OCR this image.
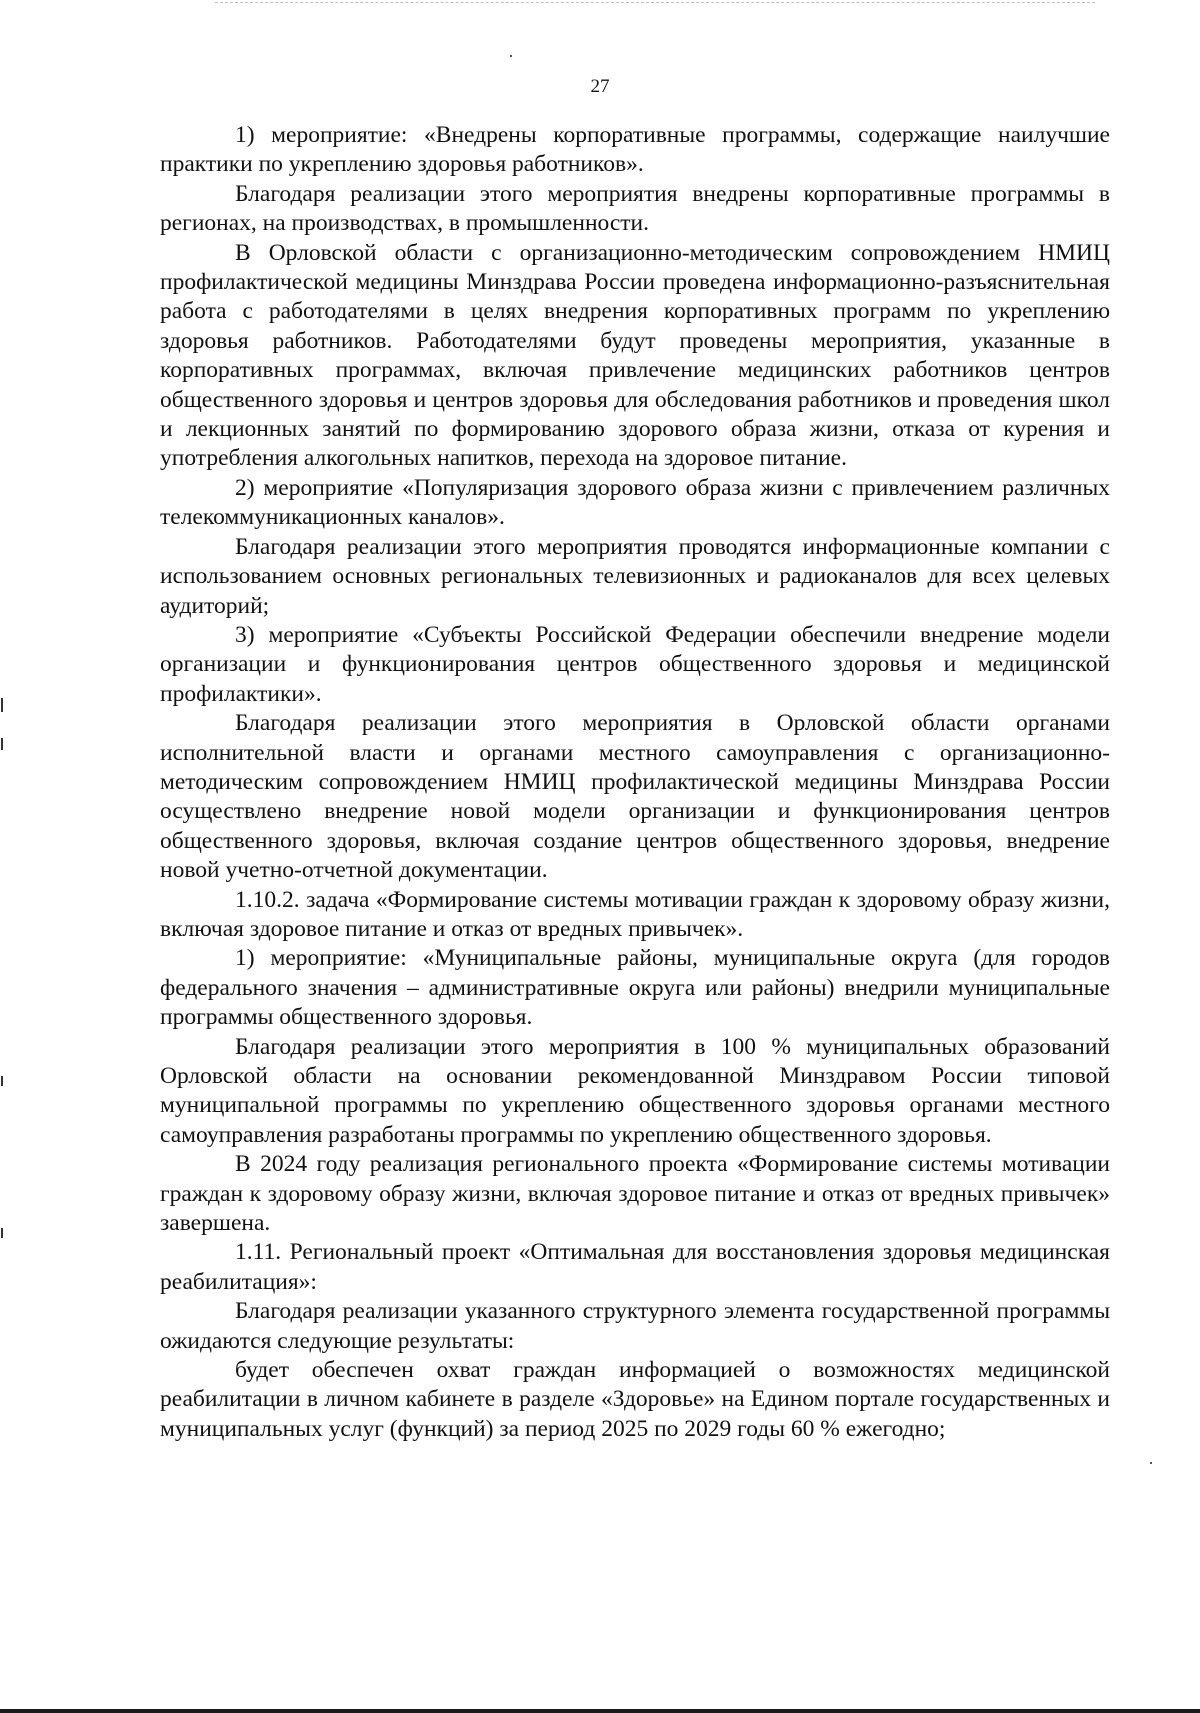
27

1) мероприятие: «Внедрены корпоративные программы, содержащие наилучшие практики по укреплению здоровья работников».

Благодаря реализации этого мероприятия внедрены корпоративные программы в регионах, на производствах, в промышленности.

В Орловской области с организационно-методическим сопровождением НМИЦ профилактической медицины Минздрава России проведена информационно-разъяснительная работа с работодателями в целях внедрения корпоративных программ по укреплению здоровья работников. Работодателями будут проведены мероприятия, указанные в корпоративных программах, включая привлечение медицинских работников центров общественного здоровья и центров здоровья для обследования работников и проведения школ и лекционных занятий по формированию здорового образа жизни, отказа от курения и употребления алкогольных напитков, перехода на здоровое питание.

2) мероприятие «Популяризация здорового образа жизни с привлечением различных телекоммуникационных каналов».

Благодаря реализации этого мероприятия проводятся информационные компании с использованием основных региональных телевизионных и радиоканалов для всех целевых аудиторий;

3) мероприятие «Субъекты Российской Федерации обеспечили внедрение модели организации и функционирования центров общественного здоровья и медицинской профилактики».

Благодаря реализации этого мероприятия в Орловской области органами исполнительной власти и органами местного самоуправления с организационно-методическим сопровождением НМИЦ профилактической медицины Минздрава России осуществлено внедрение новой модели организации и функционирования центров общественного здоровья, включая создание центров общественного здоровья, внедрение новой учетно-отчетной документации.

1.10.2. задача «Формирование системы мотивации граждан к здоровому образу жизни, включая здоровое питание и отказ от вредных привычек».

1) мероприятие: «Муниципальные районы, муниципальные округа (для городов федерального значения – административные округа или районы) внедрили муниципальные программы общественного здоровья.

Благодаря реализации этого мероприятия в 100 % муниципальных образований Орловской области на основании рекомендованной Минздравом России типовой муниципальной программы по укреплению общественного здоровья органами местного самоуправления разработаны программы по укреплению общественного здоровья.

В 2024 году реализация регионального проекта «Формирование системы мотивации граждан к здоровому образу жизни, включая здоровое питание и отказ от вредных привычек» завершена.

1.11. Региональный проект «Оптимальная для восстановления здоровья медицинская реабилитация»:

Благодаря реализации указанного структурного элемента государственной программы ожидаются следующие результаты:

будет обеспечен охват граждан информацией о возможностях медицинской реабилитации в личном кабинете в разделе «Здоровье» на Едином портале государственных и муниципальных услуг (функций) за период 2025 по 2029 годы 60 % ежегодно;
